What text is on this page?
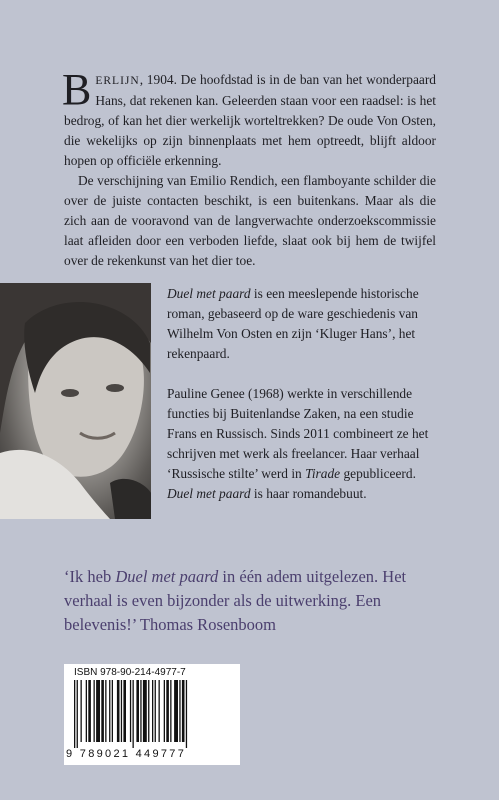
BERLIJN, 1904. De hoofdstad is in de ban van het wonderpaard Hans, dat rekenen kan. Geleerden staan voor een raadsel: is het bedrog, of kan het dier werkelijk worteltrekken? De oude Von Osten, die wekelijks op zijn binnenplaats met hem optreedt, blijft aldoor hopen op officiële erkenning.

De verschijning van Emilio Rendich, een flamboyante schilder die over de juiste contacten beschikt, is een buitenkans. Maar als die zich aan de vooravond van de langverwachte onderzoekscommissie laat afleiden door een verboden liefde, slaat ook bij hem de twijfel over de rekenkunst van het dier toe.

Duel met paard is een meeslepende historische roman, gebaseerd op de ware geschiedenis van Wilhelm Von Osten en zijn ‘Kluger Hans’, het rekenpaard.

Pauline Genee (1968) werkte in verschillende functies bij Buitenlandse Zaken, na een studie Frans en Russisch. Sinds 2011 combineert ze het schrijven met werk als freelancer. Haar verhaal ‘Russische stilte’ werd in Tirade gepubliceerd. Duel met paard is haar romandebuut.

‘Ik heb Duel met paard in één adem uitgelezen. Het verhaal is even bijzonder als de uitwerking. Een belevenis!’ Thomas Rosenboom
ISBN 978-90-214-4977-7
9 789021 449777
